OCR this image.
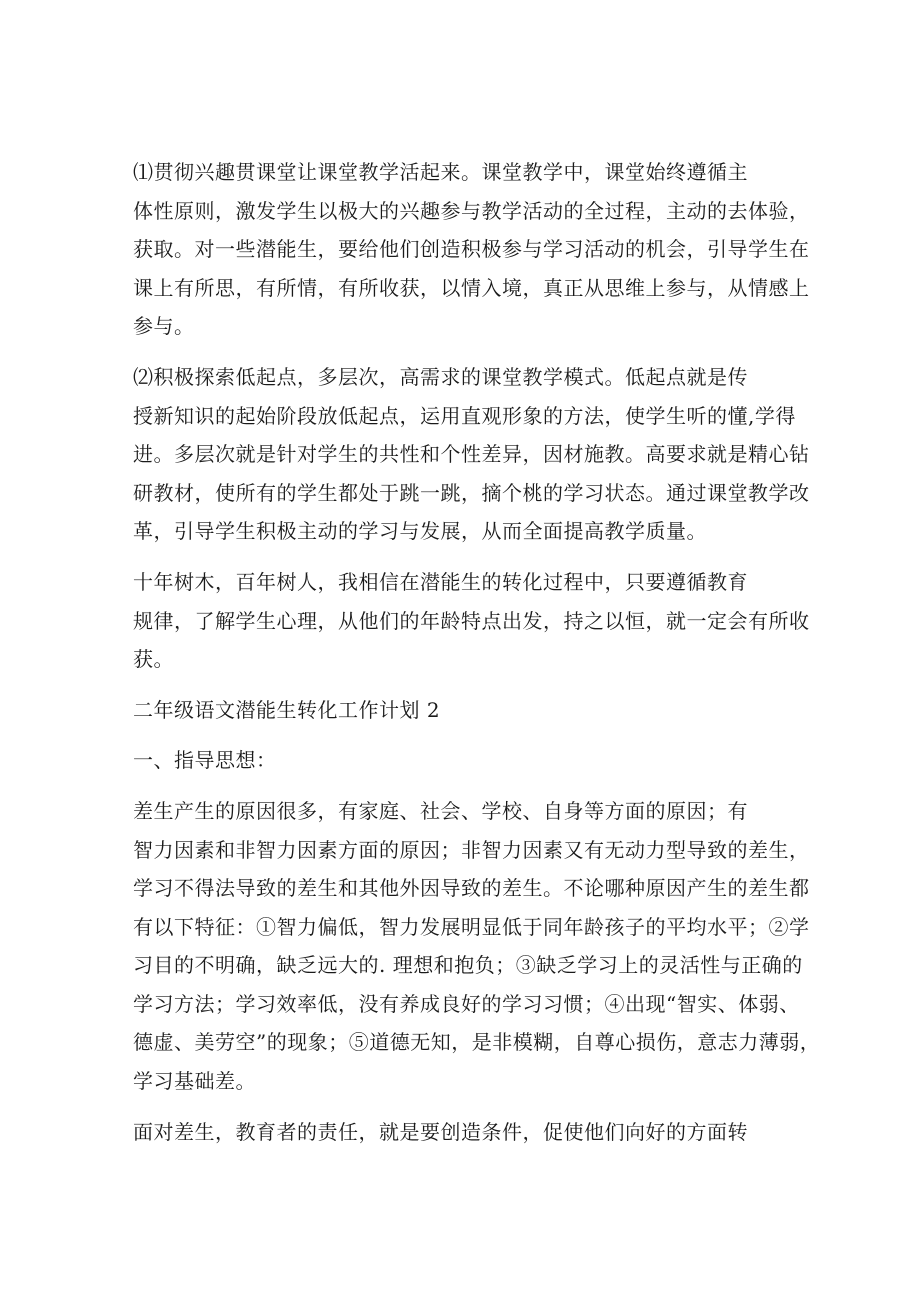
⑴贯彻兴趣贯课堂让课堂教学活起来。课堂教学中，课堂始终遵循主
体性原则，激发学生以极大的兴趣参与教学活动的全过程，主动的去体验，
获取。对一些潜能生，要给他们创造积极参与学习活动的机会，引导学生在
课上有所思，有所情，有所收获，以情入境，真正从思维上参与，从情感上
参与。

⑵积极探索低起点，多层次，高需求的课堂教学模式。低起点就是传
授新知识的起始阶段放低起点，运用直观形象的方法，使学生听的懂,学得
进。多层次就是针对学生的共性和个性差异，因材施教。高要求就是精心钻
研教材，使所有的学生都处于跳一跳，摘个桃的学习状态。通过课堂教学改
革，引导学生积极主动的学习与发展，从而全面提高教学质量。

十年树木，百年树人，我相信在潜能生的转化过程中，只要遵循教育
规律，了解学生心理，从他们的年龄特点出发，持之以恒，就一定会有所收
获。

二年级语文潜能生转化工作计划 2

一、指导思想：

差生产生的原因很多，有家庭、社会、学校、自身等方面的原因；有
智力因素和非智力因素方面的原因；非智力因素又有无动力型导致的差生，
学习不得法导致的差生和其他外因导致的差生。不论哪种原因产生的差生都
有以下特征：①智力偏低，智力发展明显低于同年龄孩子的平均水平；②学
习目的不明确，缺乏远大的. 理想和抱负；③缺乏学习上的灵活性与正确的
学习方法；学习效率低，没有养成良好的学习习惯；④出现“智实、体弱、
德虚、美劳空”的现象；⑤道德无知，是非模糊，自尊心损伤，意志力薄弱，
学习基础差。

面对差生，教育者的责任，就是要创造条件，促使他们向好的方面转
